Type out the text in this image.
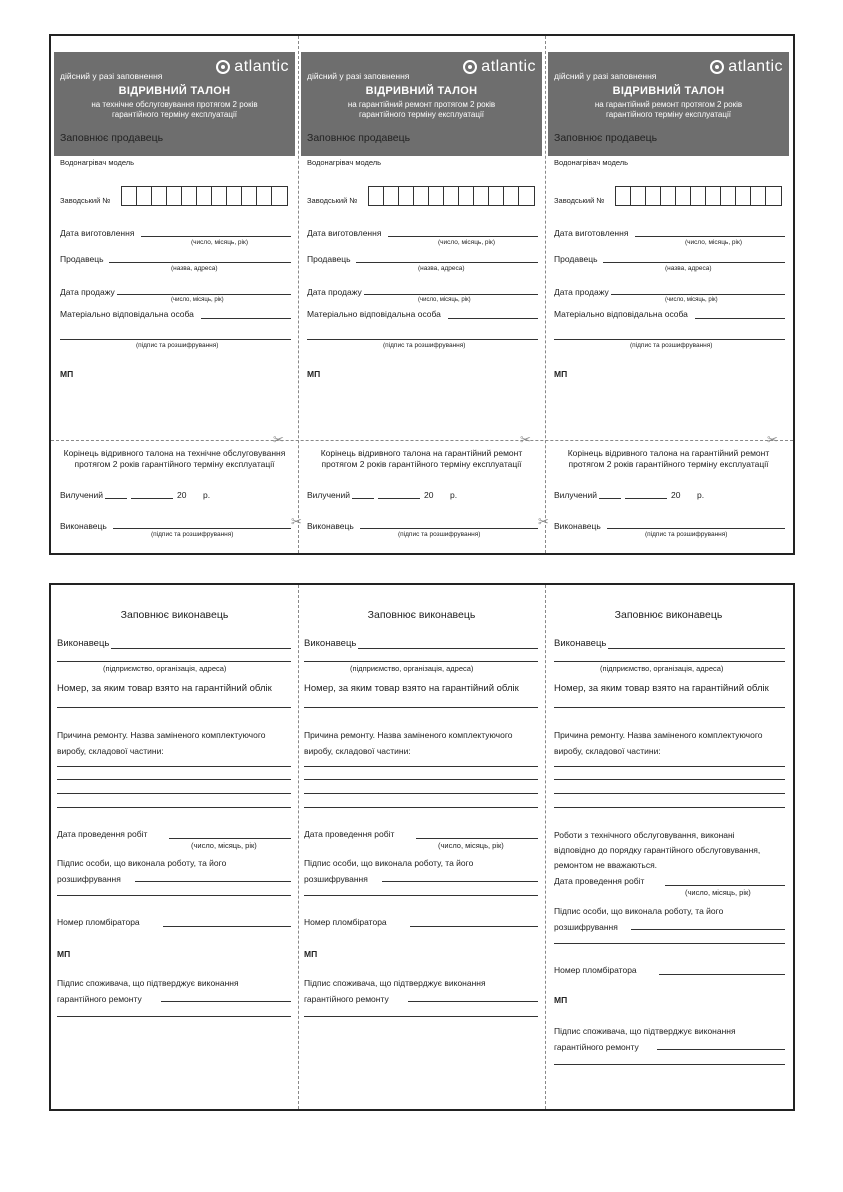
дійсний у разі заповнення
atlantic
ВІДРИВНИЙ ТАЛОН
на технічне обслуговування протягом 2 років
гарантійного терміну експлуатації
Заповнює продавець
Водонагрівач модель
Заводський №
Дата виготовлення
(число, місяць, рік)
Продавець
(назва, адреса)
Дата продажу
(число, місяць, рік)
Матеріально відповідальна особа
(підпис та розшифрування)
МП
✂
Корінець відривного талона на технічне обслуговування
протягом 2 років гарантійного терміну експлуатації
Вилучений	20 р.
Виконавець
(підпис та розшифрування)
✂
дійсний у разі заповнення
atlantic
ВІДРИВНИЙ ТАЛОН
на гарантійний ремонт протягом 2 років
гарантійного терміну експлуатації
Заповнює продавець
Водонагрівач модель
Заводський №
Дата виготовлення
(число, місяць, рік)
Продавець
(назва, адреса)
Дата продажу
(число, місяць, рік)
Матеріально відповідальна особа
(підпис та розшифрування)
МП
✂
Корінець відривного талона на гарантійний ремонт
протягом 2 років гарантійного терміну експлуатації
Вилучений	20 р.
Виконавець
(підпис та розшифрування)
✂
дійсний у разі заповнення
atlantic
ВІДРИВНИЙ ТАЛОН
на гарантійний ремонт протягом 2 років
гарантійного терміну експлуатації
Заповнює продавець
Водонагрівач модель
Заводський №
Дата виготовлення
(число, місяць, рік)
Продавець
(назва, адреса)
Дата продажу
(число, місяць, рік)
Матеріально відповідальна особа
(підпис та розшифрування)
МП
✂
Корінець відривного талона на гарантійний ремонт
протягом 2 років гарантійного терміну експлуатації
Вилучений	20 р.
Виконавець
(підпис та розшифрування)
Заповнює виконавець
Виконавець
(підприємство, організація, адреса)
Номер, за яким товар взято на гарантійний облік
Причина ремонту. Назва заміненого комплектуючого
виробу, складової частини:
Дата проведення робіт
(число, місяць, рік)
Підпис особи, що виконала роботу, та його
розшифрування
Номер пломбіратора
МП
Підпис споживача, що підтверджує виконання
гарантійного ремонту
Заповнює виконавець
Виконавець
(підприємство, організація, адреса)
Номер, за яким товар взято на гарантійний облік
Причина ремонту. Назва заміненого комплектуючого
виробу, складової частини:
Дата проведення робіт
(число, місяць, рік)
Підпис особи, що виконала роботу, та його
розшифрування
Номер пломбіратора
МП
Підпис споживача, що підтверджує виконання
гарантійного ремонту
Заповнює виконавець
Виконавець
(підприємство, організація, адреса)
Номер, за яким товар взято на гарантійний облік
Причина ремонту. Назва заміненого комплектуючого
виробу, складової частини:
Роботи з технічного обслуговування, виконані
відповідно до порядку гарантійного обслуговування,
ремонтом не вважаються.
Дата проведення робіт
(число, місяць, рік)
Підпис особи, що виконала роботу, та його
розшифрування
Номер пломбіратора
МП
Підпис споживача, що підтверджує виконання
гарантійного ремонту
